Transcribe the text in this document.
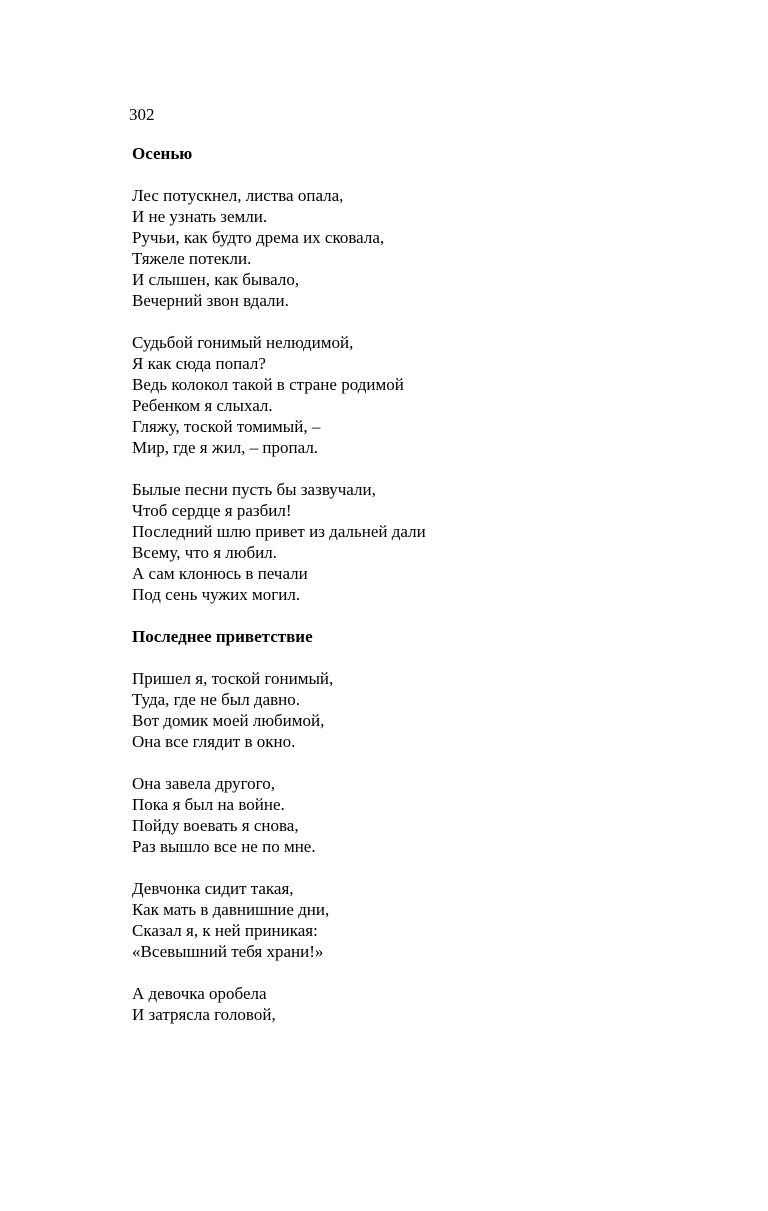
302
Осенью
Лес потускнел, листва опала,
И не узнать земли.
Ручьи, как будто дрема их сковала,
Тяжеле потекли.
И слышен, как бывало,
Вечерний звон вдали.
Судьбой гонимый нелюдимой,
Я как сюда попал?
Ведь колокол такой в стране родимой
Ребенком я слыхал.
Гляжу, тоской томимый, –
Мир, где я жил, – пропал.
Былые песни пусть бы зазвучали,
Чтоб сердце я разбил!
Последний шлю привет из дальней дали
Всему, что я любил.
А сам клонюсь в печали
Под сень чужих могил.
Последнее приветствие
Пришел я, тоской гонимый,
Туда, где не был давно.
Вот домик моей любимой,
Она все глядит в окно.
Она завела другого,
Пока я был на войне.
Пойду воевать я снова,
Раз вышло все не по мне.
Девчонка сидит такая,
Как мать в давнишние дни,
Сказал я, к ней приникая:
«Всевышний тебя храни!»
А девочка оробела
И затрясла головой,
